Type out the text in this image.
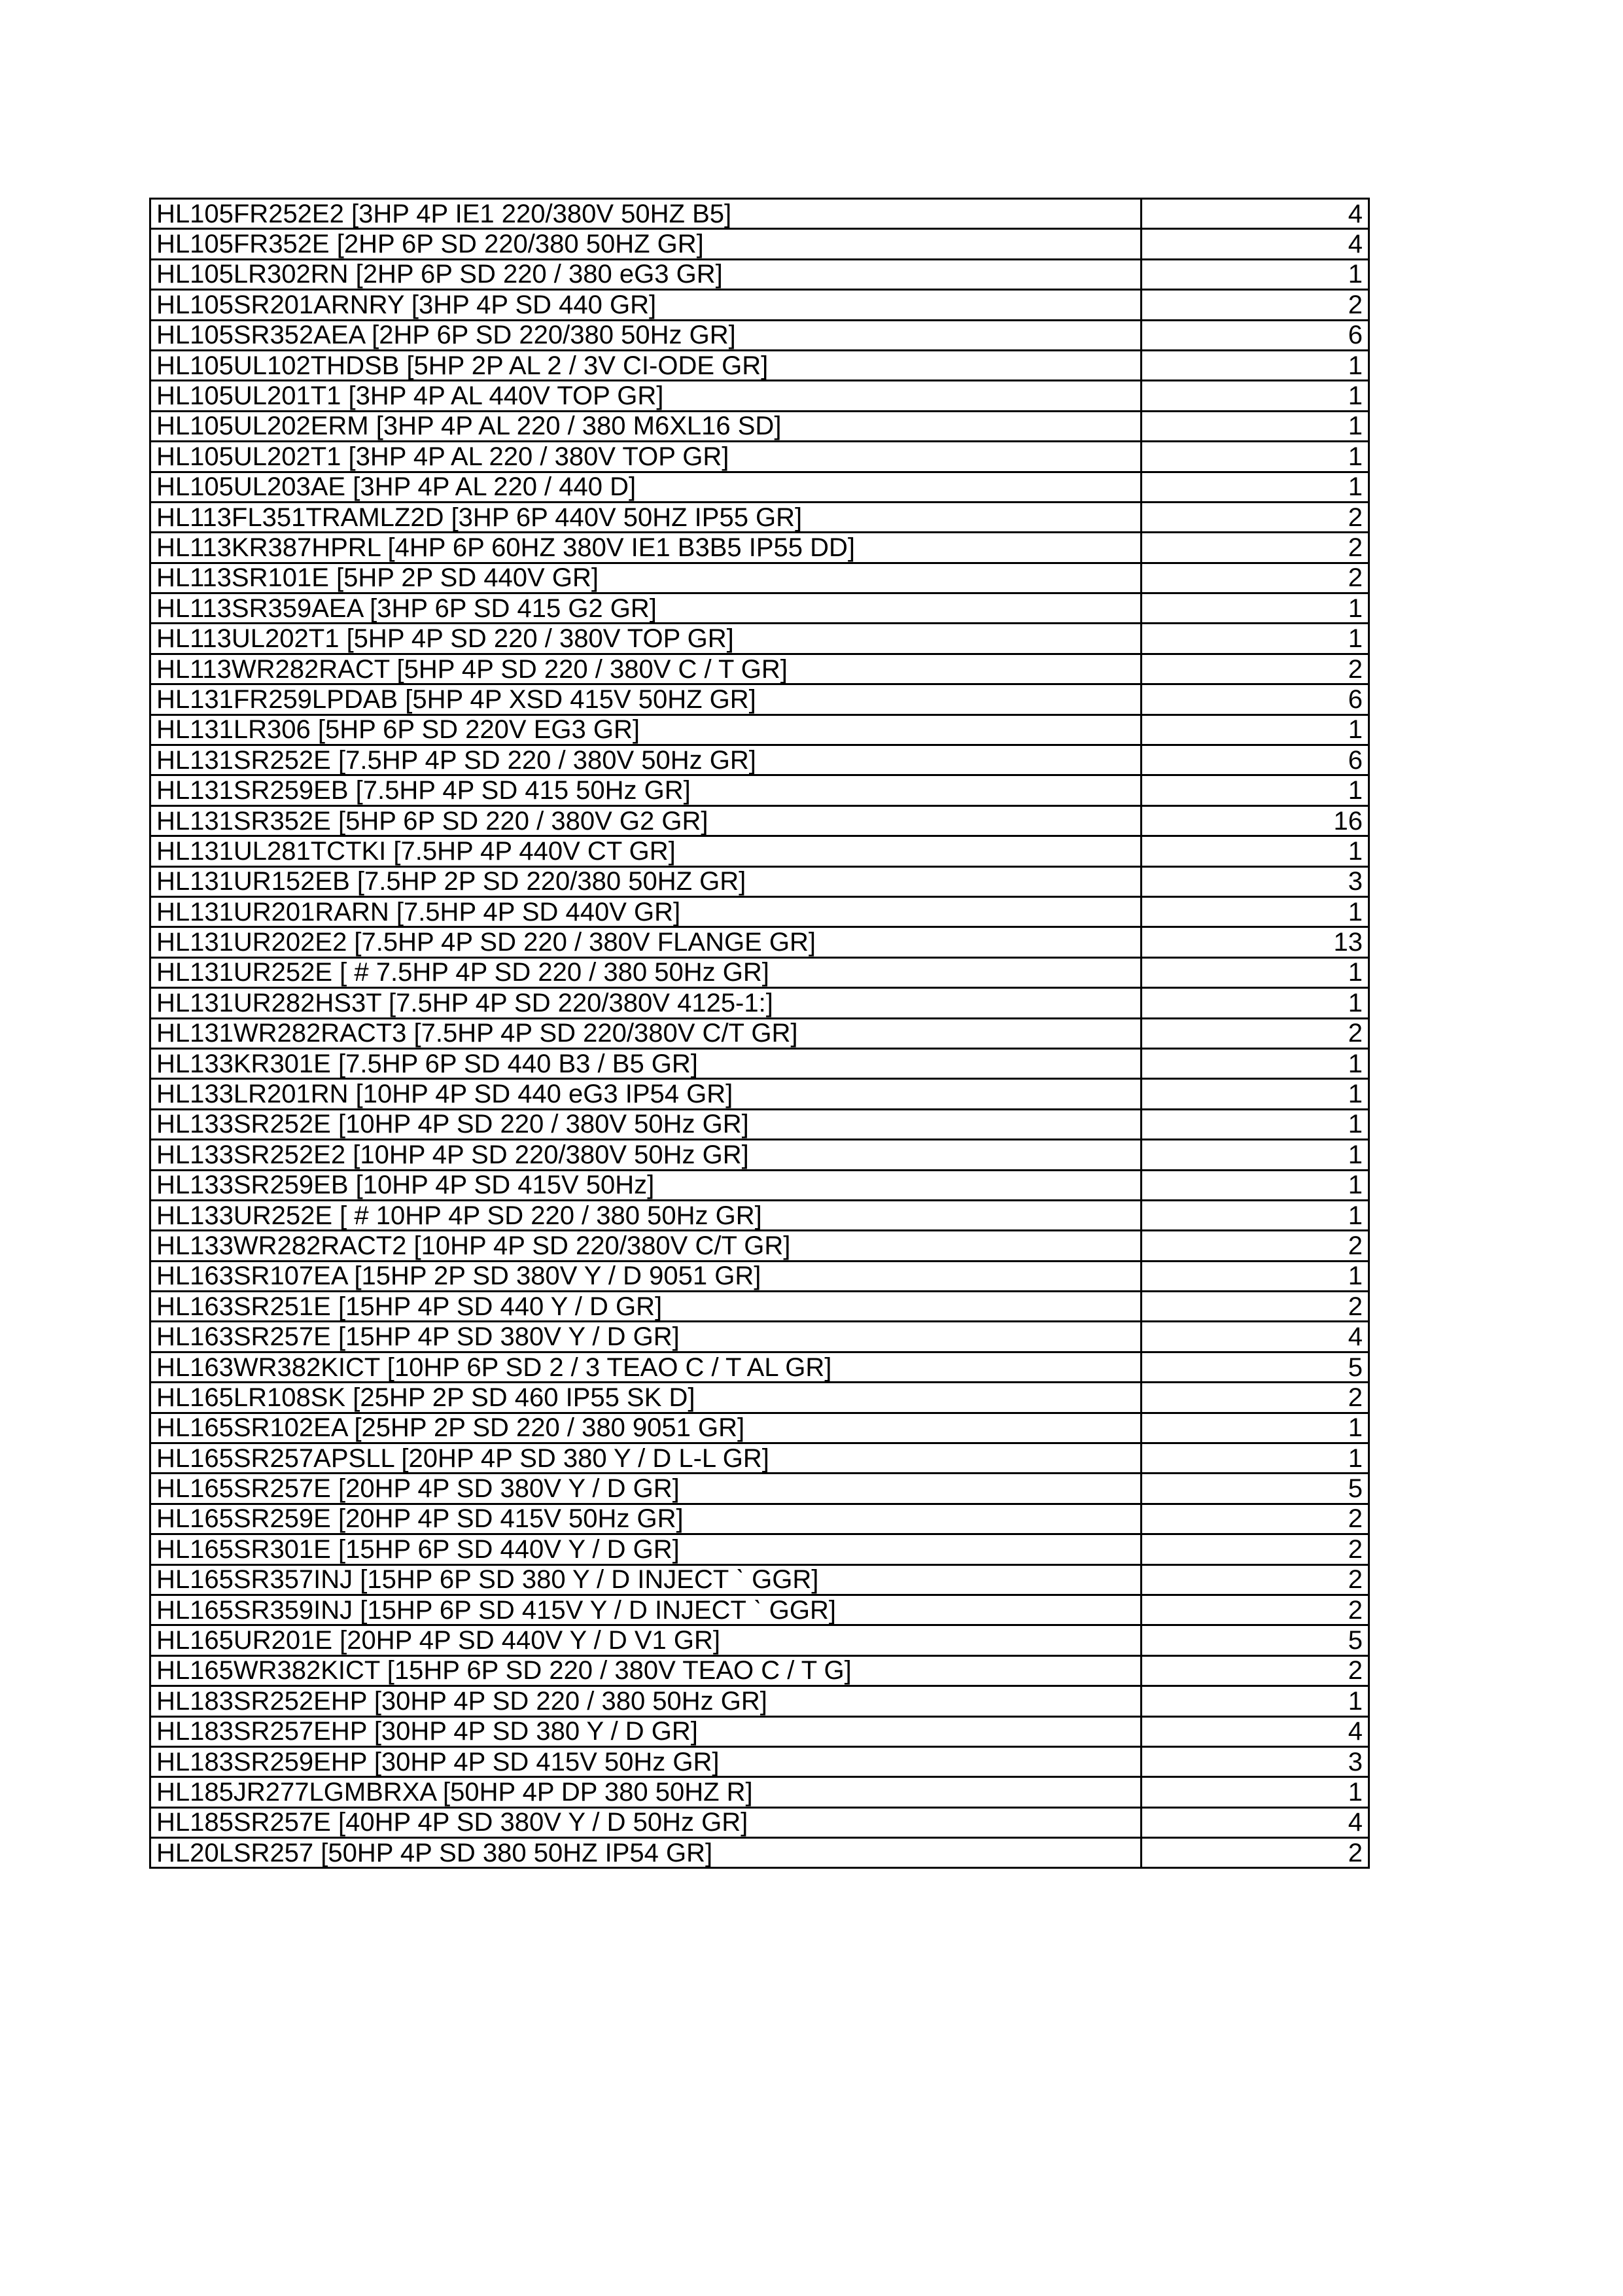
HL105FR252E2 [3HP 4P IE1 220/380V 50HZ B5]	4
HL105FR352E [2HP 6P SD 220/380 50HZ GR]	4
HL105LR302RN [2HP 6P SD 220 / 380 eG3 GR]	1
HL105SR201ARNRY [3HP 4P SD 440 GR]	2
HL105SR352AEA [2HP 6P SD 220/380 50Hz GR]	6
HL105UL102THDSB [5HP 2P AL 2 / 3V CI-ODE GR]	1
HL105UL201T1 [3HP 4P AL 440V TOP GR]	1
HL105UL202ERM [3HP 4P AL 220 / 380 M6XL16 SD]	1
HL105UL202T1 [3HP 4P AL 220 / 380V TOP GR]	1
HL105UL203AE [3HP 4P AL 220 / 440 D]	1
HL113FL351TRAMLZ2D [3HP 6P 440V 50HZ IP55 GR]	2
HL113KR387HPRL [4HP 6P 60HZ 380V IE1 B3B5 IP55 DD]	2
HL113SR101E [5HP 2P SD 440V GR]	2
HL113SR359AEA [3HP 6P SD 415 G2 GR]	1
HL113UL202T1 [5HP 4P SD 220 / 380V TOP GR]	1
HL113WR282RACT [5HP 4P SD 220 / 380V C / T GR]	2
HL131FR259LPDAB [5HP 4P XSD 415V 50HZ GR]	6
HL131LR306 [5HP 6P SD 220V EG3 GR]	1
HL131SR252E [7.5HP 4P SD 220 / 380V 50Hz GR]	6
HL131SR259EB [7.5HP 4P SD 415 50Hz GR]	1
HL131SR352E [5HP 6P SD 220 / 380V G2 GR]	16
HL131UL281TCTKI [7.5HP 4P 440V CT GR]	1
HL131UR152EB [7.5HP 2P SD 220/380 50HZ GR]	3
HL131UR201RARN [7.5HP 4P SD 440V GR]	1
HL131UR202E2 [7.5HP 4P SD 220 / 380V FLANGE GR]	13
HL131UR252E [ # 7.5HP 4P SD 220 / 380 50Hz GR]	1
HL131UR282HS3T [7.5HP 4P SD 220/380V 4125-1:]	1
HL131WR282RACT3 [7.5HP 4P SD 220/380V C/T GR]	2
HL133KR301E [7.5HP 6P SD 440 B3 / B5 GR]	1
HL133LR201RN [10HP 4P SD 440 eG3 IP54 GR]	1
HL133SR252E [10HP 4P SD 220 / 380V 50Hz GR]	1
HL133SR252E2 [10HP 4P SD 220/380V 50Hz GR]	1
HL133SR259EB [10HP 4P SD 415V 50Hz]	1
HL133UR252E [ # 10HP 4P SD 220 / 380 50Hz GR]	1
HL133WR282RACT2 [10HP 4P SD 220/380V C/T GR]	2
HL163SR107EA [15HP 2P SD 380V Y / D 9051 GR]	1
HL163SR251E [15HP 4P SD 440 Y / D GR]	2
HL163SR257E [15HP 4P SD 380V Y / D GR]	4
HL163WR382KICT [10HP 6P SD 2 / 3 TEAO C / T AL GR]	5
HL165LR108SK [25HP 2P SD 460 IP55 SK D]	2
HL165SR102EA [25HP 2P SD 220 / 380 9051 GR]	1
HL165SR257APSLL [20HP 4P SD 380 Y / D L-L GR]	1
HL165SR257E [20HP 4P SD 380V Y / D GR]	5
HL165SR259E [20HP 4P SD 415V 50Hz GR]	2
HL165SR301E [15HP 6P SD 440V Y / D GR]	2
HL165SR357INJ [15HP 6P SD 380 Y / D INJECT ˋ GGR]	2
HL165SR359INJ [15HP 6P SD 415V Y / D INJECT ˋ GGR]	2
HL165UR201E [20HP 4P SD 440V Y / D V1 GR]	5
HL165WR382KICT [15HP 6P SD 220 / 380V TEAO C / T G]	2
HL183SR252EHP [30HP 4P SD 220 / 380 50Hz GR]	1
HL183SR257EHP [30HP 4P SD 380 Y / D GR]	4
HL183SR259EHP [30HP 4P SD 415V 50Hz GR]	3
HL185JR277LGMBRXA [50HP 4P DP 380 50HZ R]	1
HL185SR257E [40HP 4P SD 380V Y / D 50Hz GR]	4
HL20LSR257 [50HP 4P SD 380 50HZ IP54 GR]	2
